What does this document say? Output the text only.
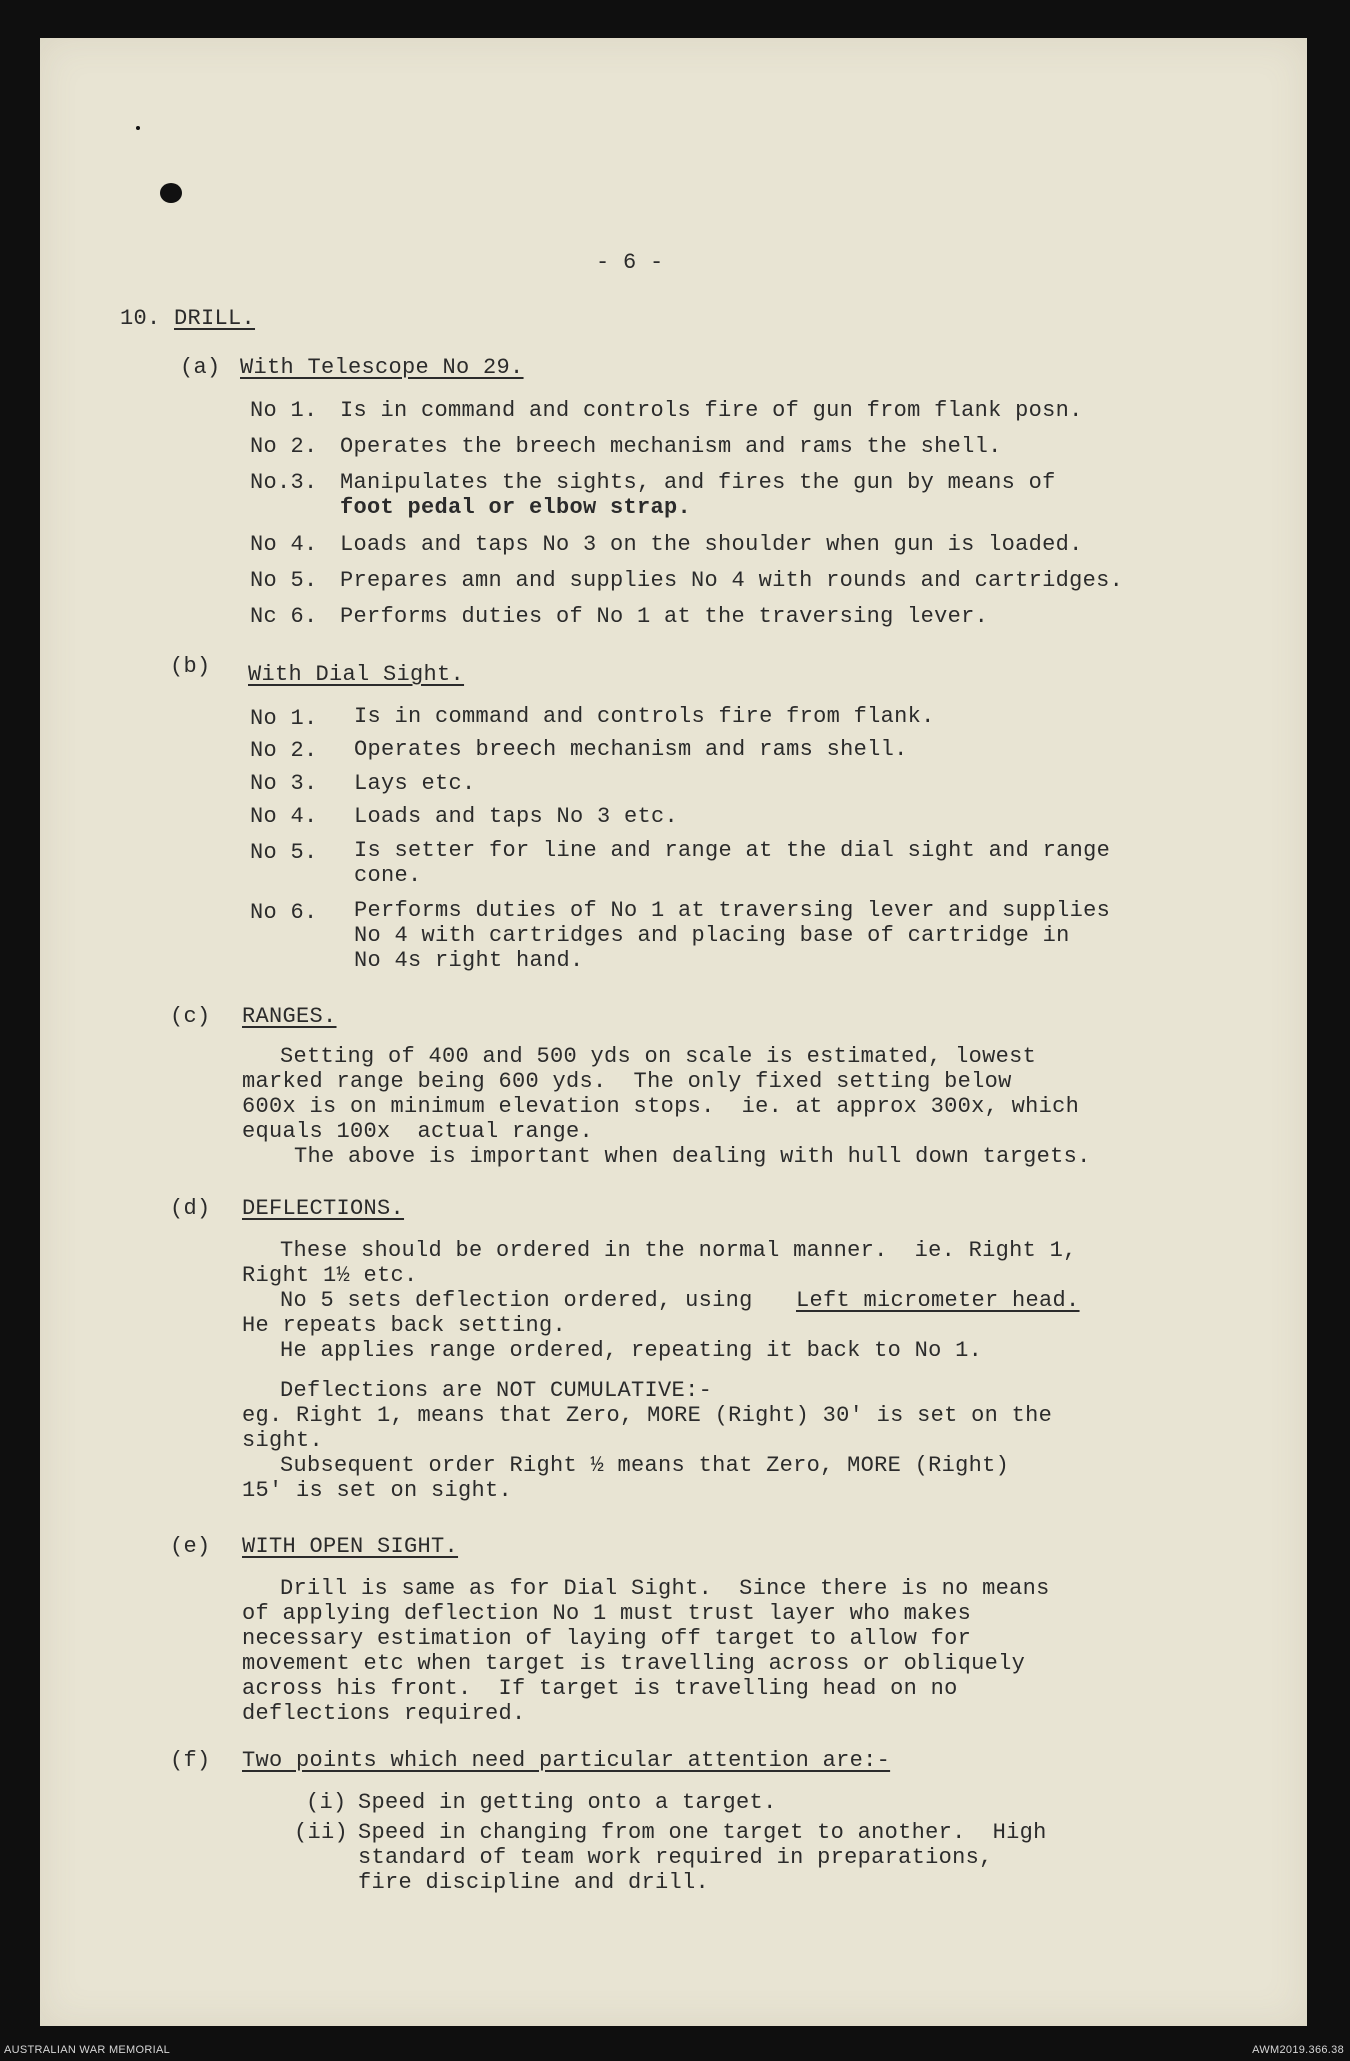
- 6 -
10. DRILL.
(a) With Telescope No 29.
No 1. Is in command and controls fire of gun from flank posn.
No 2. Operates the breech mechanism and rams the shell.
No.3. Manipulates the sights, and fires the gun by means of
foot pedal or elbow strap.
No 4. Loads and taps No 3 on the shoulder when gun is loaded.
No 5. Prepares amn and supplies No 4 with rounds and cartridges.
Nc 6. Performs duties of No 1 at the traversing lever.
(b) With Dial Sight.
No 1. Is in command and controls fire from flank.
No 2. Operates breech mechanism and rams shell.
No 3. Lays etc.
No 4. Loads and taps No 3 etc.
No 5. Is setter for line and range at the dial sight and range
cone.
No 6. Performs duties of No 1 at traversing lever and supplies
No 4 with cartridges and placing base of cartridge in
No 4s right hand.
(c) RANGES.
Setting of 400 and 500 yds on scale is estimated, lowest
marked range being 600 yds.  The only fixed setting below
600x is on minimum elevation stops.  ie. at approx 300x, which
equals 100x  actual range.
The above is important when dealing with hull down targets.
(d) DEFLECTIONS.
These should be ordered in the normal manner.  ie. Right 1,
Right 1½ etc.
No 5 sets deflection ordered, using Left micrometer head.
He repeats back setting.
He applies range ordered, repeating it back to No 1.
Deflections are NOT CUMULATIVE:-
eg. Right 1, means that Zero, MORE (Right) 30' is set on the
sight.
Subsequent order Right ½ means that Zero, MORE (Right)
15' is set on sight.
(e) WITH OPEN SIGHT.
Drill is same as for Dial Sight.  Since there is no means
of applying deflection No 1 must trust layer who makes
necessary estimation of laying off target to allow for
movement etc when target is travelling across or obliquely
across his front.  If target is travelling head on no
deflections required.
(f) Two points which need particular attention are:-
(i) Speed in getting onto a target.
(ii) Speed in changing from one target to another.  High
standard of team work required in preparations,
fire discipline and drill.
AUSTRALIAN WAR MEMORIAL	AWM2019.366.38
